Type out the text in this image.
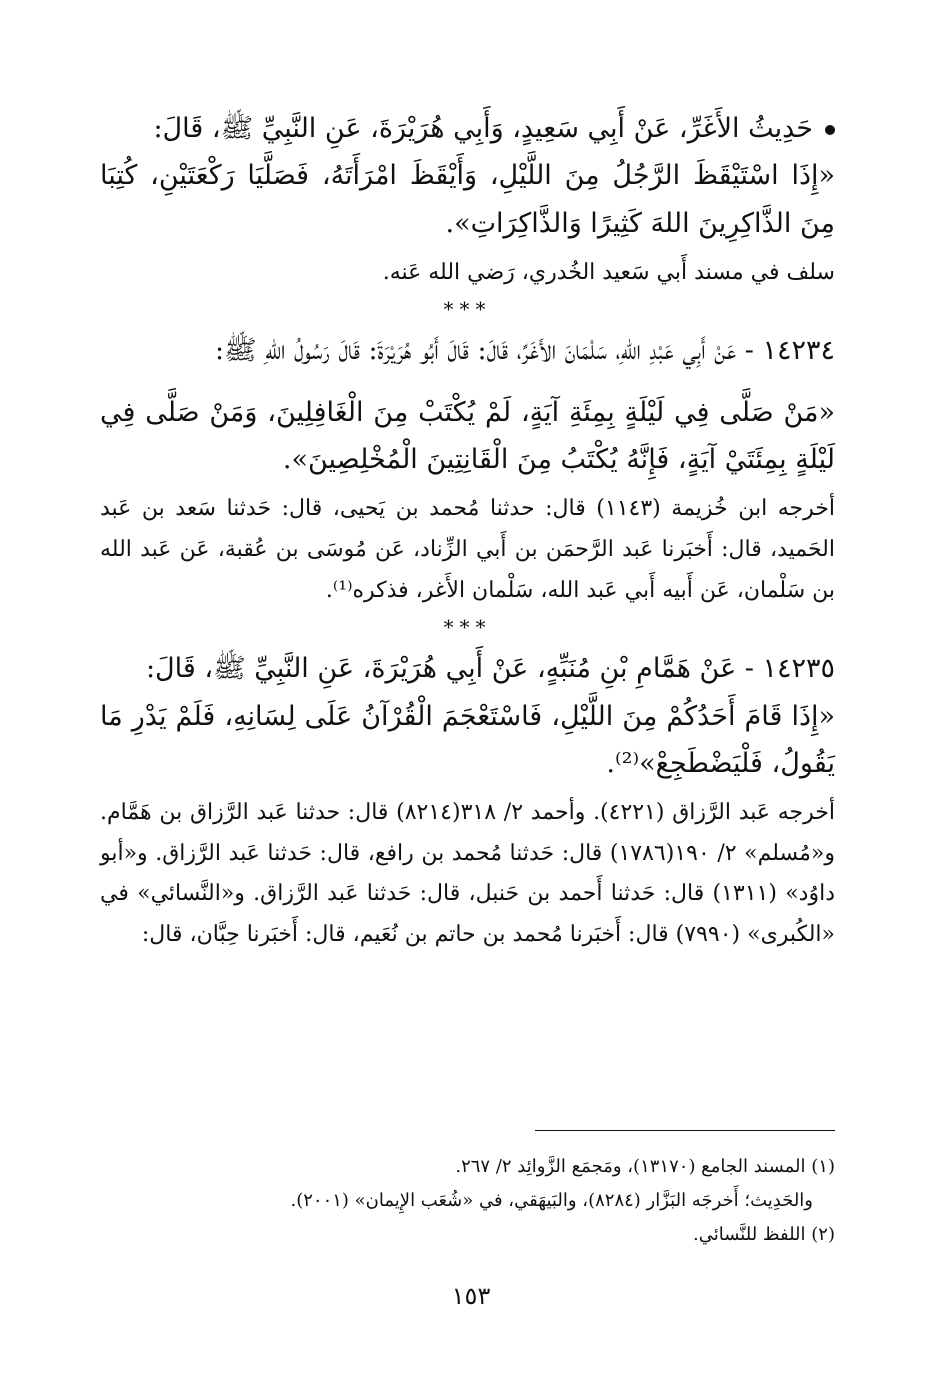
حَدِيثُ الأَغَرِّ، عَنْ أَبِي سَعِيدٍ، وَأَبِي هُرَيْرَةَ، عَنِ النَّبِيِّ ﷺ، قَالَ:

«إِذَا اسْتَيْقَظَ الرَّجُلُ مِنَ اللَّيْلِ، وَأَيْقَظَ امْرَأَتَهُ، فَصَلَّيَا رَكْعَتَيْنِ، كُتِبَا مِنَ الذَّاكِرِينَ اللهَ كَثِيرًا وَالذَّاكِرَاتِ».

سلف في مسند أَبي سَعيد الخُدري، رَضي الله عَنه.

***

١٤٢٣٤ - عَنْ أَبِي عَبْدِ اللهِ، سَلْمَانَ الأَغَرِّ، قَالَ: قَالَ أَبُو هُرَيْرَةَ: قَالَ رَسُولُ اللهِ ﷺ:

«مَنْ صَلَّى فِي لَيْلَةٍ بِمِئَةِ آيَةٍ، لَمْ يُكْتَبْ مِنَ الْغَافِلِينَ، وَمَنْ صَلَّى فِي لَيْلَةٍ بِمِئَتَيْ آيَةٍ، فَإِنَّهُ يُكْتَبُ مِنَ الْقَانِتِينَ الْمُخْلِصِينَ».

أخرجه ابن خُزيمة (١١٤٣) قال: حدثنا مُحمد بن يَحيى، قال: حَدثنا سَعد بن عَبد الحَميد، قال: أَخبَرنا عَبد الرَّحمَن بن أَبي الزِّناد، عَن مُوسَى بن عُقبة، عَن عَبد الله بن سَلْمان، عَن أَبيه أَبي عَبد الله، سَلْمان الأَغر، فذكره⁽¹⁾.

***

١٤٢٣٥ - عَنْ هَمَّامِ بْنِ مُنَبِّهٍ، عَنْ أَبِي هُرَيْرَةَ، عَنِ النَّبِيِّ ﷺ، قَالَ:

«إِذَا قَامَ أَحَدُكُمْ مِنَ اللَّيْلِ، فَاسْتَعْجَمَ الْقُرْآنُ عَلَى لِسَانِهِ، فَلَمْ يَدْرِ مَا يَقُولُ، فَلْيَضْطَجِعْ»⁽²⁾.

أخرجه عَبد الرَّزاق (٤٢٢١). وأحمد ٢/ ٣١٨(٨٢١٤) قال: حدثنا عَبد الرَّزاق بن هَمَّام. و«مُسلم» ٢/ ١٩٠(١٧٨٦) قال: حَدثنا مُحمد بن رافع، قال: حَدثنا عَبد الرَّزاق. و«أبو داوُد» (١٣١١) قال: حَدثنا أَحمد بن حَنبل، قال: حَدثنا عَبد الرَّزاق. و«النَّسائي» في «الكُبرى» (٧٩٩٠) قال: أَخبَرنا مُحمد بن حاتم بن نُعَيم، قال: أَخبَرنا حِبَّان، قال:

(١) المسند الجامع (١٣١٧٠)، ومَجمَع الزَّوائِد ٢/ ٢٦٧.
والحَدِيث؛ أَخرجَه البَزَّار (٨٢٨٤)، والبَيهَقي، في «شُعَب الإِيمان» (٢٠٠١).
(٢) اللفظ للنَّسائي.
١٥٣
